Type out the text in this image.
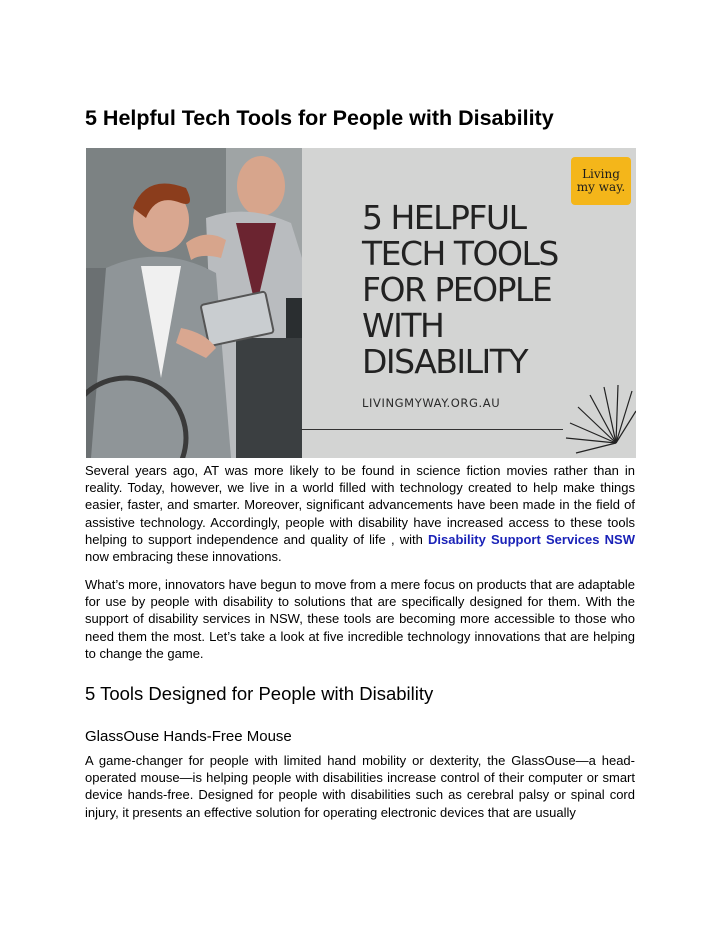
5 Helpful Tech Tools for People with Disability
Living
my way.
5 HELPFUL
TECH TOOLS
FOR PEOPLE
WITH
DISABILITY
LIVINGMYWAY.ORG.AU

Several years ago, AT was more likely to be found in science fiction movies rather than in reality. Today, however, we live in a world filled with technology created to help make things easier, faster, and smarter. Moreover, significant advancements have been made in the field of assistive technology. Accordingly, people with disability have increased access to these tools helping to support independence and quality of life , with Disability Support Services NSW now embracing these innovations.

What’s more, innovators have begun to move from a mere focus on products that are adaptable for use by people with disability to solutions that are specifically designed for them. With the support of disability services in NSW, these tools are becoming more accessible to those who need them the most. Let’s take a look at five incredible technology innovations that are helping to change the game.

5 Tools Designed for People with Disability
GlassOuse Hands-Free Mouse

A game-changer for people with limited hand mobility or dexterity, the GlassOuse—a head-operated mouse—is helping people with disabilities increase control of their computer or smart device hands-free. Designed for people with disabilities such as cerebral palsy or spinal cord injury, it presents an effective solution for operating electronic devices that are usually
